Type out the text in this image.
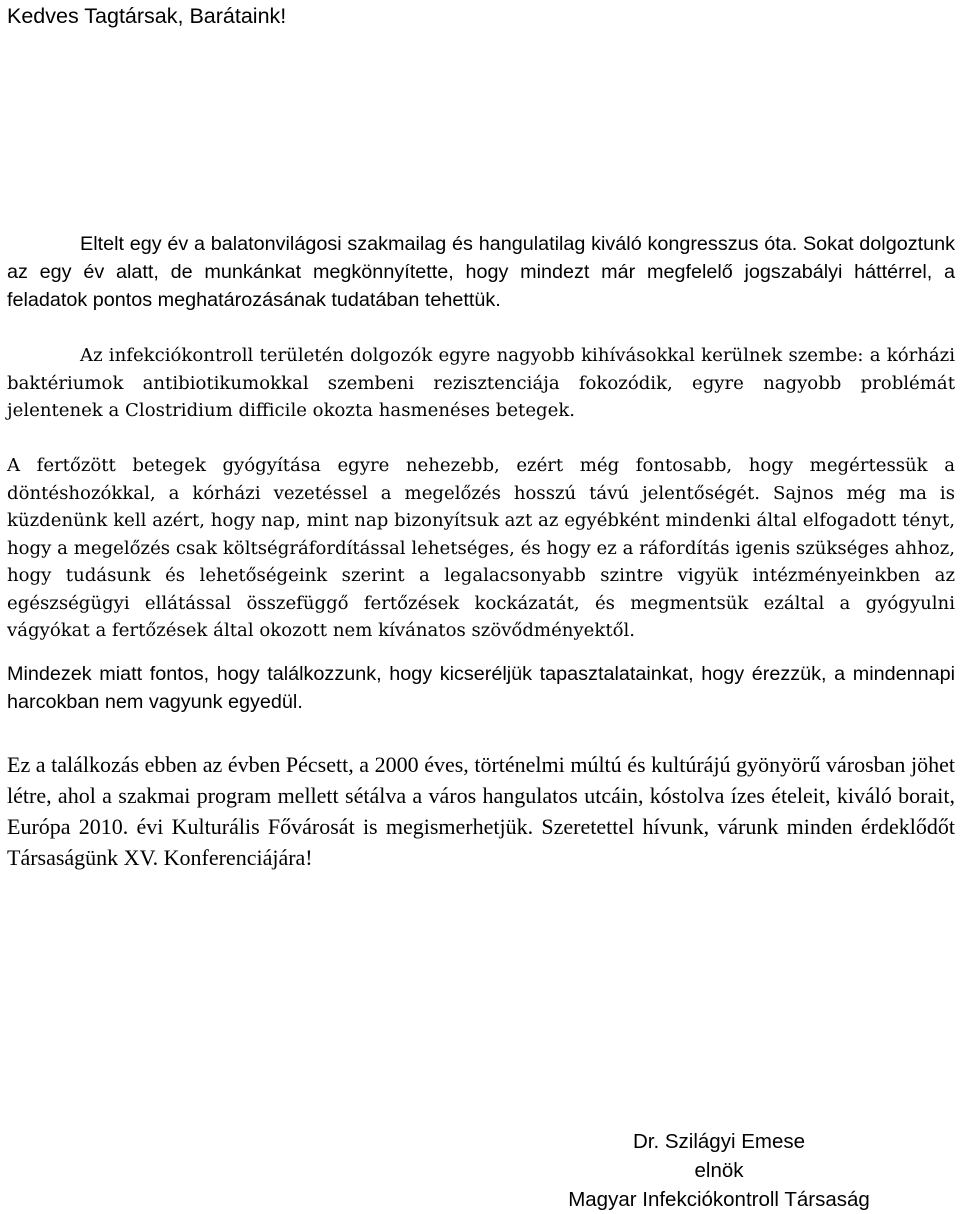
Kedves Tagtársak, Barátaink!

Eltelt egy év a balatonvilágosi szakmailag és hangulatilag kiváló kongresszus óta. Sokat dolgoztunk az egy év alatt, de munkánkat megkönnyítette, hogy mindezt már megfelelő jogszabályi háttérrel, a feladatok pontos meghatározásának tudatában tehettük.

Az infekciókontroll területén dolgozók egyre nagyobb kihívásokkal kerülnek szembe: a kórházi baktériumok antibiotikumokkal szembeni rezisztenciája fokozódik, egyre nagyobb problémát jelentenek a Clostridium difficile okozta hasmenéses betegek.

A fertőzött betegek gyógyítása egyre nehezebb, ezért még fontosabb, hogy megértessük a döntéshozókkal, a kórházi vezetéssel a megelőzés hosszú távú jelentőségét. Sajnos még ma is küzdenünk kell azért, hogy nap, mint nap bizonyítsuk azt az egyébként mindenki által elfogadott tényt, hogy a megelőzés csak költségráfordítással lehetséges, és hogy ez a ráfordítás igenis szükséges ahhoz, hogy tudásunk és lehetőségeink szerint a legalacsonyabb szintre vigyük intézményeinkben az egészségügyi ellátással összefüggő fertőzések kockázatát, és megmentsük ezáltal a gyógyulni vágyókat a fertőzések által okozott nem kívánatos szövődményektől.

Mindezek miatt fontos, hogy találkozzunk, hogy kicseréljük tapasztalatainkat, hogy érezzük, a mindennapi harcokban nem vagyunk egyedül.

Ez a találkozás ebben az évben Pécsett, a 2000 éves, történelmi múltú és kultúrájú gyönyörű városban jöhet létre, ahol a szakmai program mellett sétálva a város hangulatos utcáin, kóstolva ízes ételeit, kiváló borait, Európa 2010. évi Kulturális Fővárosát is megismerhetjük. Szeretettel hívunk, várunk minden érdeklődőt Társaságünk XV. Konferenciájára!

Dr. Szilágyi Emese
elnök
Magyar Infekciókontroll Társaság
